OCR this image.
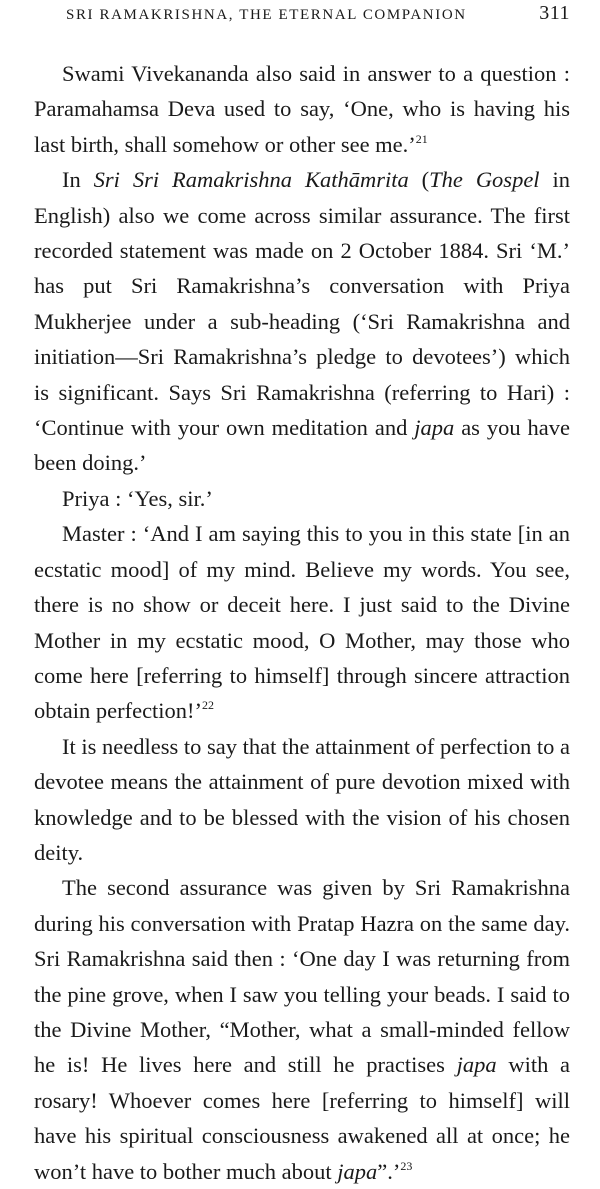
SRI RAMAKRISHNA, THE ETERNAL COMPANION	311

Swami Vivekananda also said in answer to a question : Paramahamsa Deva used to say, ‘One, who is having his last birth, shall somehow or other see me.’$^{21}$

In Sri Sri Ramakrishna Kathāmrita (The Gospel in English) also we come across similar assurance. The first recorded statement was made on 2 October 1884. Sri ‘M.’ has put Sri Ramakrishna’s conversation with Priya Mukherjee under a sub-heading (‘Sri Ramakrishna and initiation—Sri Ramakrishna’s pledge to devotees’) which is significant. Says Sri Ramakrishna (referring to Hari) : ‘Continue with your own meditation and japa as you have been doing.’

Priya : ‘Yes, sir.’

Master : ‘And I am saying this to you in this state [in an ecstatic mood] of my mind. Believe my words. You see, there is no show or deceit here. I just said to the Divine Mother in my ecstatic mood, O Mother, may those who come here [referring to himself] through sincere attraction obtain perfection!’$^{22}$

It is needless to say that the attainment of perfection to a devotee means the attainment of pure devotion mixed with knowledge and to be blessed with the vision of his chosen deity.

The second assurance was given by Sri Ramakrishna during his conversation with Pratap Hazra on the same day. Sri Ramakrishna said then : ‘One day I was returning from the pine grove, when I saw you telling your beads. I said to the Divine Mother, “Mother, what a small-minded fellow he is! He lives here and still he practises japa with a rosary! Whoever comes here [referring to himself] will have his spiritual consciousness awakened all at once; he won’t have to bother much about japa”.’$^{23}$
